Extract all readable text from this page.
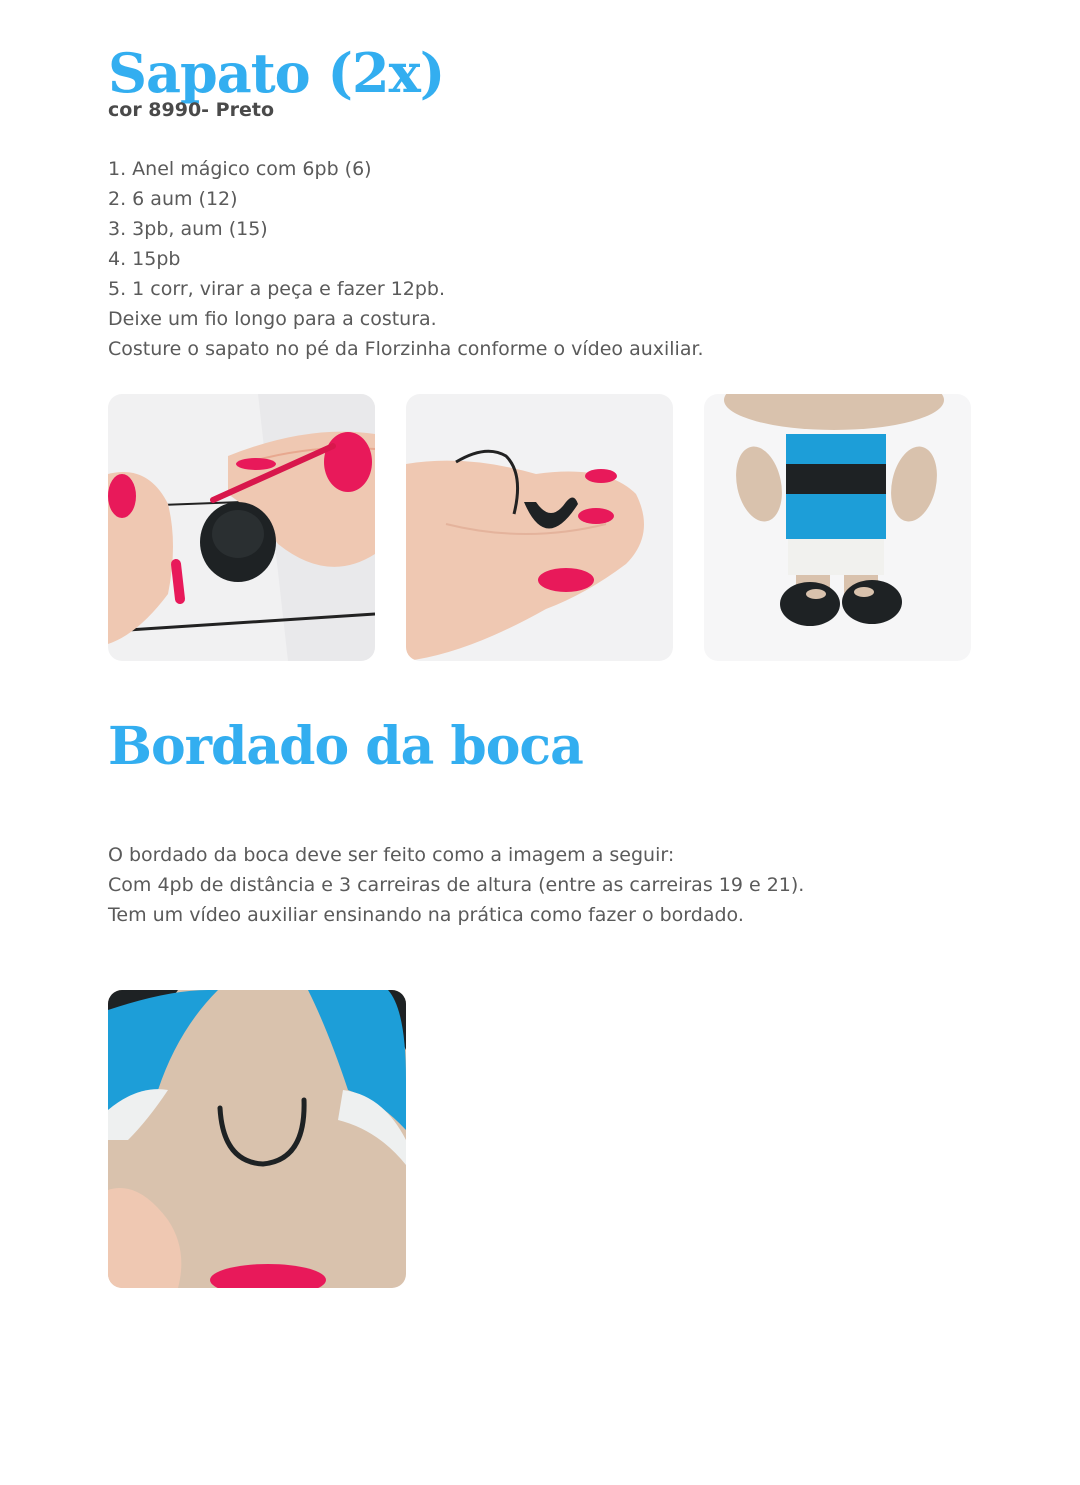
Sapato (2x)

cor 8990- Preto

1. Anel mágico com 6pb (6)
2. 6 aum (12)
3. 3pb, aum (15)
4. 15pb
5. 1 corr, virar a peça e fazer 12pb.

Deixe um fio longo para a costura.

Costure o sapato no pé da Florzinha conforme o vídeo auxiliar.

Bordado da boca

O bordado da boca deve ser feito como a imagem a seguir:

Com 4pb de distância e 3 carreiras de altura (entre as carreiras 19 e 21).

Tem um vídeo auxiliar ensinando na prática como fazer o bordado.
